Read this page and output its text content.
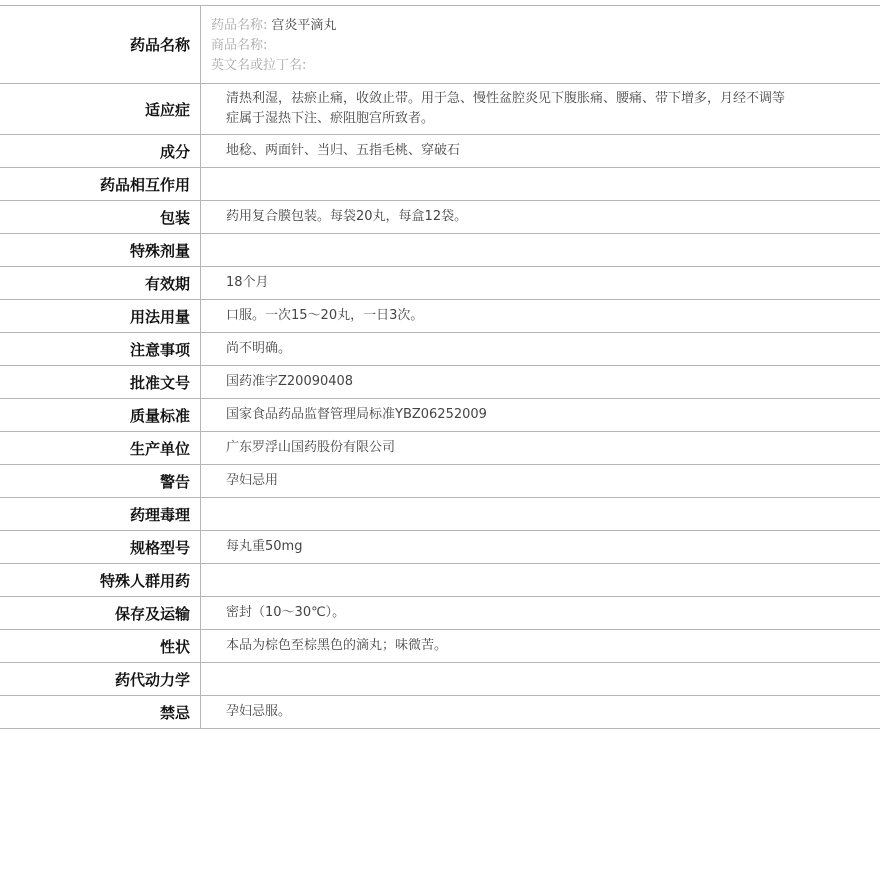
药品名称	药品名称: 宫炎平滴丸
商品名称:
英文名或拉丁名:

适应症	清热利湿，祛瘀止痛，收敛止带。用于急、慢性盆腔炎见下腹胀痛、腰痛、带下增多，月经不调等症属于湿热下注、瘀阻胞宫所致者。
成分	地稔、两面针、当归、五指毛桃、穿破石
药品相互作用	
包装	药用复合膜包装。每袋20丸，每盒12袋。
特殊剂量	
有效期	18个月
用法用量	口服。一次15～20丸，一日3次。
注意事项	尚不明确。
批准文号	国药准字Z20090408
质量标准	国家食品药品监督管理局标准YBZ06252009
生产单位	广东罗浮山国药股份有限公司
警告	孕妇忌用
药理毒理	
规格型号	每丸重50mg
特殊人群用药	
保存及运输	密封（10～30℃）。
性状	本品为棕色至棕黑色的滴丸；味微苦。
药代动力学	
禁忌	孕妇忌服。
